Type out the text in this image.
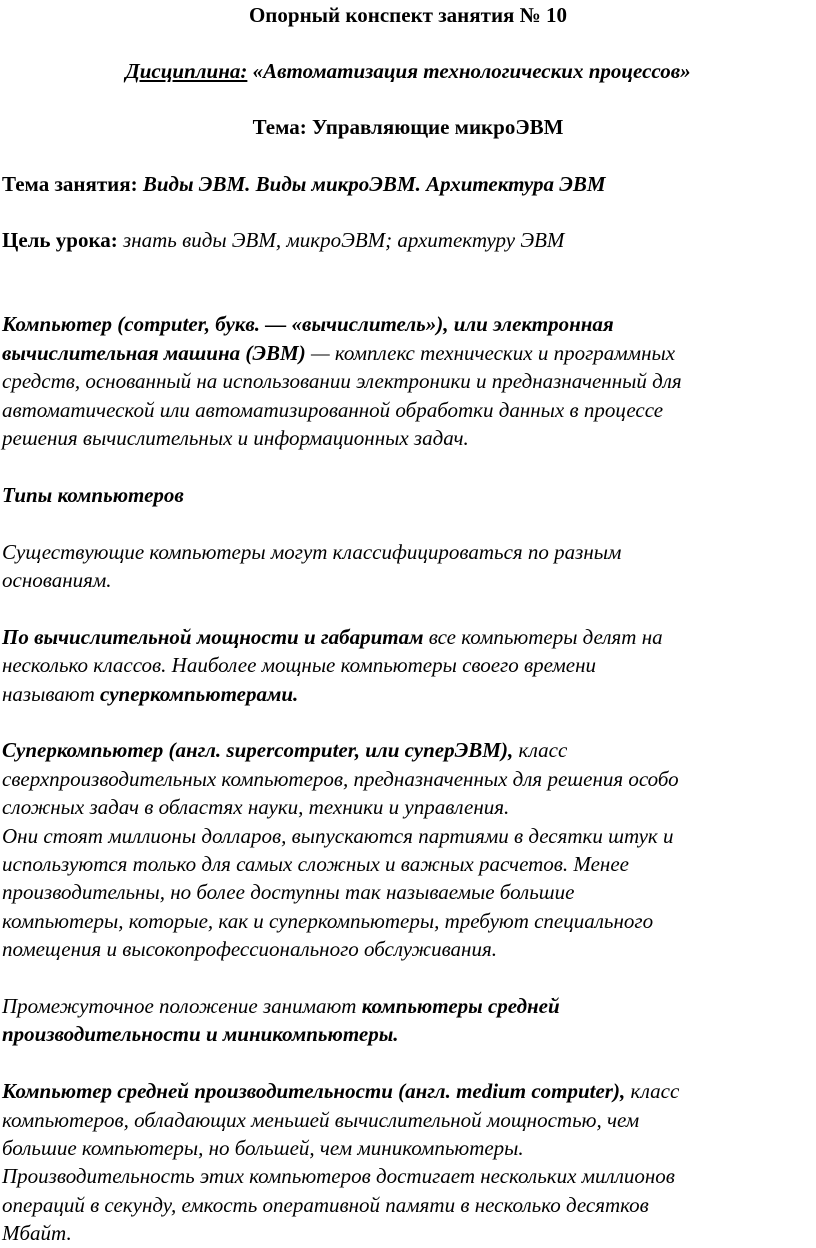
Опорный конспект занятия № 10

Дисциплина: «Автоматизация технологических процессов»

Тема: Управляющие микроЭВМ

Тема занятия: Виды ЭВМ. Виды микроЭВМ. Архитектура ЭВМ

Цель урока: знать виды ЭВМ, микроЭВМ; архитектуру ЭВМ

Компьютер (computer, букв. — «вычислитель»), или электронная

вычислительная машина (ЭВМ) — комплекс технических и программных

средств, основанный на использовании электроники и предназначенный для

автоматической или автоматизированной обработки данных в процессе

решения вычислительных и информационных задач.

Типы компьютеров

Существующие компьютеры могут классифицироваться по разным

основаниям.

По вычислительной мощности и габаритам все компьютеры делят на

несколько классов. Наиболее мощные компьютеры своего времени

называют суперкомпьютерами.

Суперкомпьютер (англ. supercomputer, или суперЭВМ), класс

сверхпроизводительных компьютеров, предназначенных для решения особо

сложных задач в областях науки, техники и управления.

Они стоят миллионы долларов, выпускаются партиями в десятки штук и

используются только для самых сложных и важных расчетов. Менее

производительны, но более доступны так называемые большие

компьютеры, которые, как и суперкомпьютеры, требуют специального

помещения и высокопрофессионального обслуживания.

Промежуточное положение занимают компьютеры средней

производительности и миникомпьютеры.

Компьютер средней производительности (англ. medium computer), класс

компьютеров, обладающих меньшей вычислительной мощностью, чем

большие компьютеры, но большей, чем миникомпьютеры.

Производительность этих компьютеров достигает нескольких миллионов

операций в секунду, емкость оперативной памяти в несколько десятков

Мбайт.
